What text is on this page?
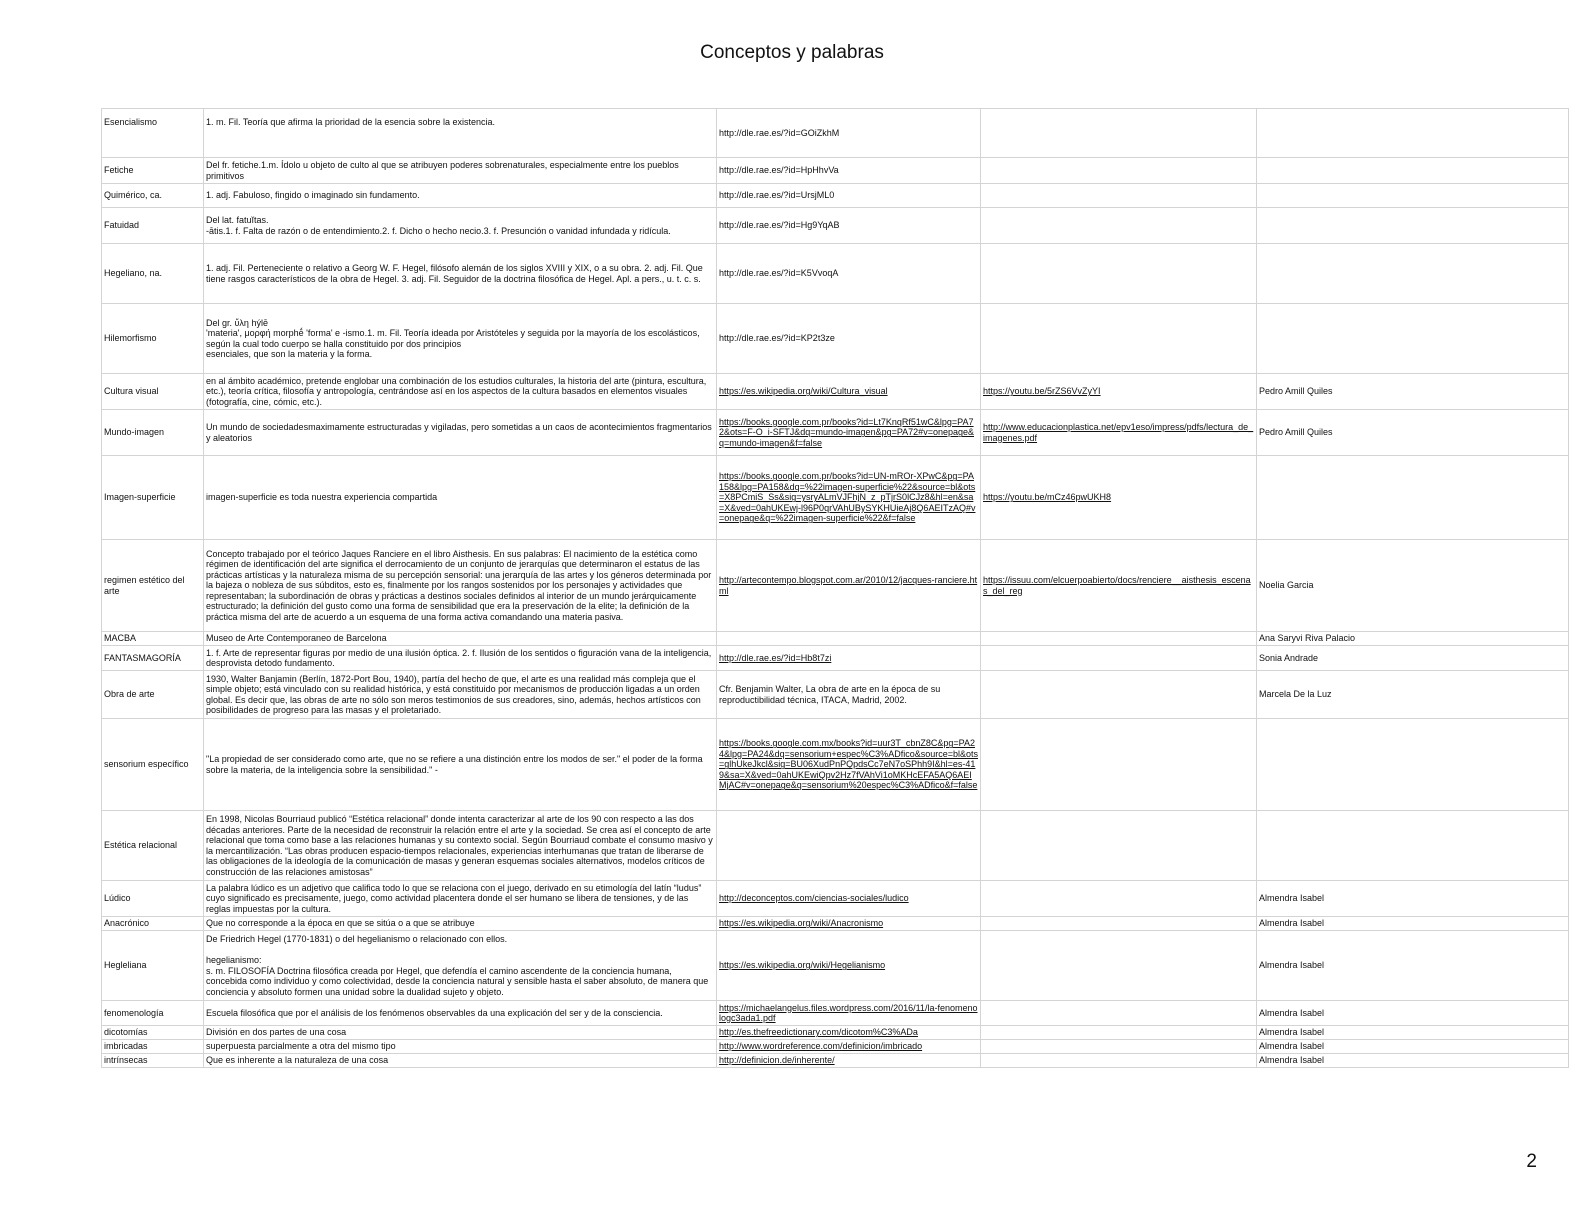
Conceptos y palabras
Esencialismo	1. m. Fil. Teoría que afirma la prioridad de la esencia sobre la existencia.	http://dle.rae.es/?id=GOiZkhM		
Fetiche	Del fr. fetiche.1.m. Ídolo u objeto de culto al que se atribuyen poderes sobrenaturales, especialmente entre los pueblos primitivos	http://dle.rae.es/?id=HpHhvVa		
Quimérico, ca.	1. adj. Fabuloso, fingido o imaginado sin fundamento.	http://dle.rae.es/?id=UrsjML0		
Fatuidad	Del lat. fatuĭtas.
-ātis.1. f. Falta de razón o de entendimiento.2. f. Dicho o hecho necio.3. f. Presunción o vanidad infundada y ridícula.	http://dle.rae.es/?id=Hg9YqAB		
Hegeliano, na.	1. adj. Fil. Perteneciente o relativo a Georg W. F. Hegel, filósofo alemán de los siglos XVIII y XIX, o a su obra. 2. adj. Fil. Que tiene rasgos característicos de la obra de Hegel. 3. adj. Fil. Seguidor de la doctrina filosófica de Hegel. Apl. a pers., u. t. c. s.	http://dle.rae.es/?id=K5VvoqA		
Hilemorfismo	Del gr. ὕλη hýlē
'materia', μορφή morphḗ 'forma' e -ismo.1. m. Fil. Teoría ideada por Aristóteles y seguida por la mayoría de los escolásticos, según la cual todo cuerpo se halla constituido por dos principios
esenciales, que son la materia y la forma.	http://dle.rae.es/?id=KP2t3ze		
Cultura visual	en al ámbito académico, pretende englobar una combinación de los estudios culturales, la historia del arte (pintura, escultura, etc.), teoría crítica, filosofía y antropología, centrándose así en los aspectos de la cultura basados en elementos visuales (fotografía, cine, cómic, etc.).	https://es.wikipedia.org/wiki/Cultura_visual	https://youtu.be/5rZS6VvZyYI	Pedro Amill Quiles
Mundo-imagen	Un mundo de sociedadesmaximamente estructuradas y vigiladas, pero sometidas a un caos de acontecimientos fragmentarios y aleatorios	https://books.google.com.pr/books?id=Lt7KnqRf51wC&lpg=PA72&ots=F-O_i-SFTJ&dq=mundo-imagen&pg=PA72#v=onepage&q=mundo-imagen&f=false	http://www.educacionplastica.net/epv1eso/impress/pdfs/lectura_de_imagenes.pdf	Pedro Amill Quiles
Imagen-superficie	imagen-superficie es toda nuestra experiencia compartida	https://books.google.com.pr/books?id=UN-mROr-XPwC&pg=PA158&lpg=PA158&dq=%22imagen-superficie%22&source=bl&ots=X8PCmiS_Ss&sig=ysryALmVJFhjN_z_pTjrS0lCJz8&hl=en&sa=X&ved=0ahUKEwj-l96P0qrVAhUBySYKHUieAj8Q6AEITzAQ#v=onepage&q=%22imagen-superficie%22&f=false	https://youtu.be/mCz46pwUKH8	
regimen estético del arte	Concepto trabajado por el teórico Jaques Ranciere en el libro Aisthesis. En sus palabras: El nacimiento de la estética como régimen de identificación del arte significa el derrocamiento de un conjunto de jerarquías que determinaron el estatus de las prácticas artísticas y la naturaleza misma de su percepción sensorial: una jerarquía de las artes y los géneros determinada por la bajeza o nobleza de sus súbditos, esto es, finalmente por los rangos sostenidos por los personajes y actividades que representaban; la subordinación de obras y prácticas a destinos sociales definidos al interior de un mundo jerárquicamente estructurado; la definición del gusto como una forma de sensibilidad que era la preservación de la elite; la definición de la práctica misma del arte de acuerdo a un esquema de una forma activa comandando una materia pasiva.	http://artecontempo.blogspot.com.ar/2010/12/jacques-ranciere.html	https://issuu.com/elcuerpoabierto/docs/renciere__aisthesis_escenas_del_reg	Noelia Garcia
MACBA	Museo de Arte Contemporaneo de Barcelona			Ana Saryvi Riva Palacio
FANTASMAGORÍA	1. f. Arte de representar figuras por medio de una ilusión óptica. 2. f. Ilusión de los sentidos o figuración vana de la inteligencia, desprovista detodo fundamento.	http://dle.rae.es/?id=Hb8t7zi		Sonia Andrade
Obra de arte	1930, Walter Banjamin (Berlín, 1872-Port Bou, 1940), partía del hecho de que, el arte es una realidad más compleja que el simple objeto; está vinculado con su realidad histórica, y está constituido por mecanismos de producción ligadas a un orden global. Es decir que, las obras de arte no sólo son meros testimonios de sus creadores, sino, además, hechos artísticos con posibilidades de progreso para las masas y el proletariado.	Cfr. Benjamin Walter, La obra de arte en la época de su reproductibilidad técnica, ITACA, Madrid, 2002.		Marcela De la Luz
sensorium específico	"La propiedad de ser considerado como arte, que no se refiere a una distinción entre los modos de ser." el poder de la forma sobre la materia, de la inteligencia sobre la sensibilidad." -	https://books.google.com.mx/books?id=uur3T_cbnZ8C&pg=PA24&lpg=PA24&dq=sensorium+espec%C3%ADfico&source=bl&ots=glhUkeJkcl&sig=BU06XudPnPQpdsCc7eN7oSPhh9I&hl=es-419&sa=X&ved=0ahUKEwiQpv2Hz7fVAhVi1oMKHcEFA5AQ6AEIMjAC#v=onepage&q=sensorium%20espec%C3%ADfico&f=false		
Estética relacional	En 1998, Nicolas Bourriaud publicó “Estética relacional” donde intenta caracterizar al arte de los 90 con respecto a las dos décadas anteriores. Parte de la necesidad de reconstruir la relación entre el arte y la sociedad. Se crea así el concepto de arte relacional que toma como base a las relaciones humanas y su contexto social. Según Bourriaud combate el consumo masivo y la mercantilización. “Las obras producen espacio-tiempos relacionales, experiencias interhumanas que tratan de liberarse de las obligaciones de la ideología de la comunicación de masas y generan esquemas sociales alternativos, modelos críticos de construcción de las relaciones amistosas”			
Lúdico	La palabra lúdico es un adjetivo que califica todo lo que se relaciona con el juego, derivado en su etimología del latín “ludus” cuyo significado es precisamente, juego, como actividad placentera donde el ser humano se libera de tensiones, y de las reglas impuestas por la cultura.	http://deconceptos.com/ciencias-sociales/ludico		Almendra Isabel
Anacrónico	Que no corresponde a la época en que se sitúa o a que se atribuye	https://es.wikipedia.org/wiki/Anacronismo		Almendra Isabel
Hegleliana	De Friedrich Hegel (1770-1831) o del hegelianismo o relacionado con ellos.

hegelianismo:
s. m. FILOSOFÍA Doctrina filosófica creada por Hegel, que defendía el camino ascendente de la conciencia humana, concebida como individuo y como colectividad, desde la conciencia natural y sensible hasta el saber absoluto, de manera que conciencia y absoluto formen una unidad sobre la dualidad sujeto y objeto.	https://es.wikipedia.org/wiki/Hegelianismo		Almendra Isabel
fenomenología	Escuela filosófica que por el análisis de los fenómenos observables da una explicación del ser y de la consciencia.	https://michaelangelus.files.wordpress.com/2016/11/la-fenomenologc3ada1.pdf		Almendra Isabel
dicotomías	División en dos partes de una cosa	http://es.thefreedictionary.com/dicotom%C3%ADa		Almendra Isabel
imbricadas	superpuesta parcialmente a otra del mismo tipo	http://www.wordreference.com/definicion/imbricado		Almendra Isabel
intrínsecas	Que es inherente a la naturaleza de una cosa	http://definicion.de/inherente/		Almendra Isabel
2
